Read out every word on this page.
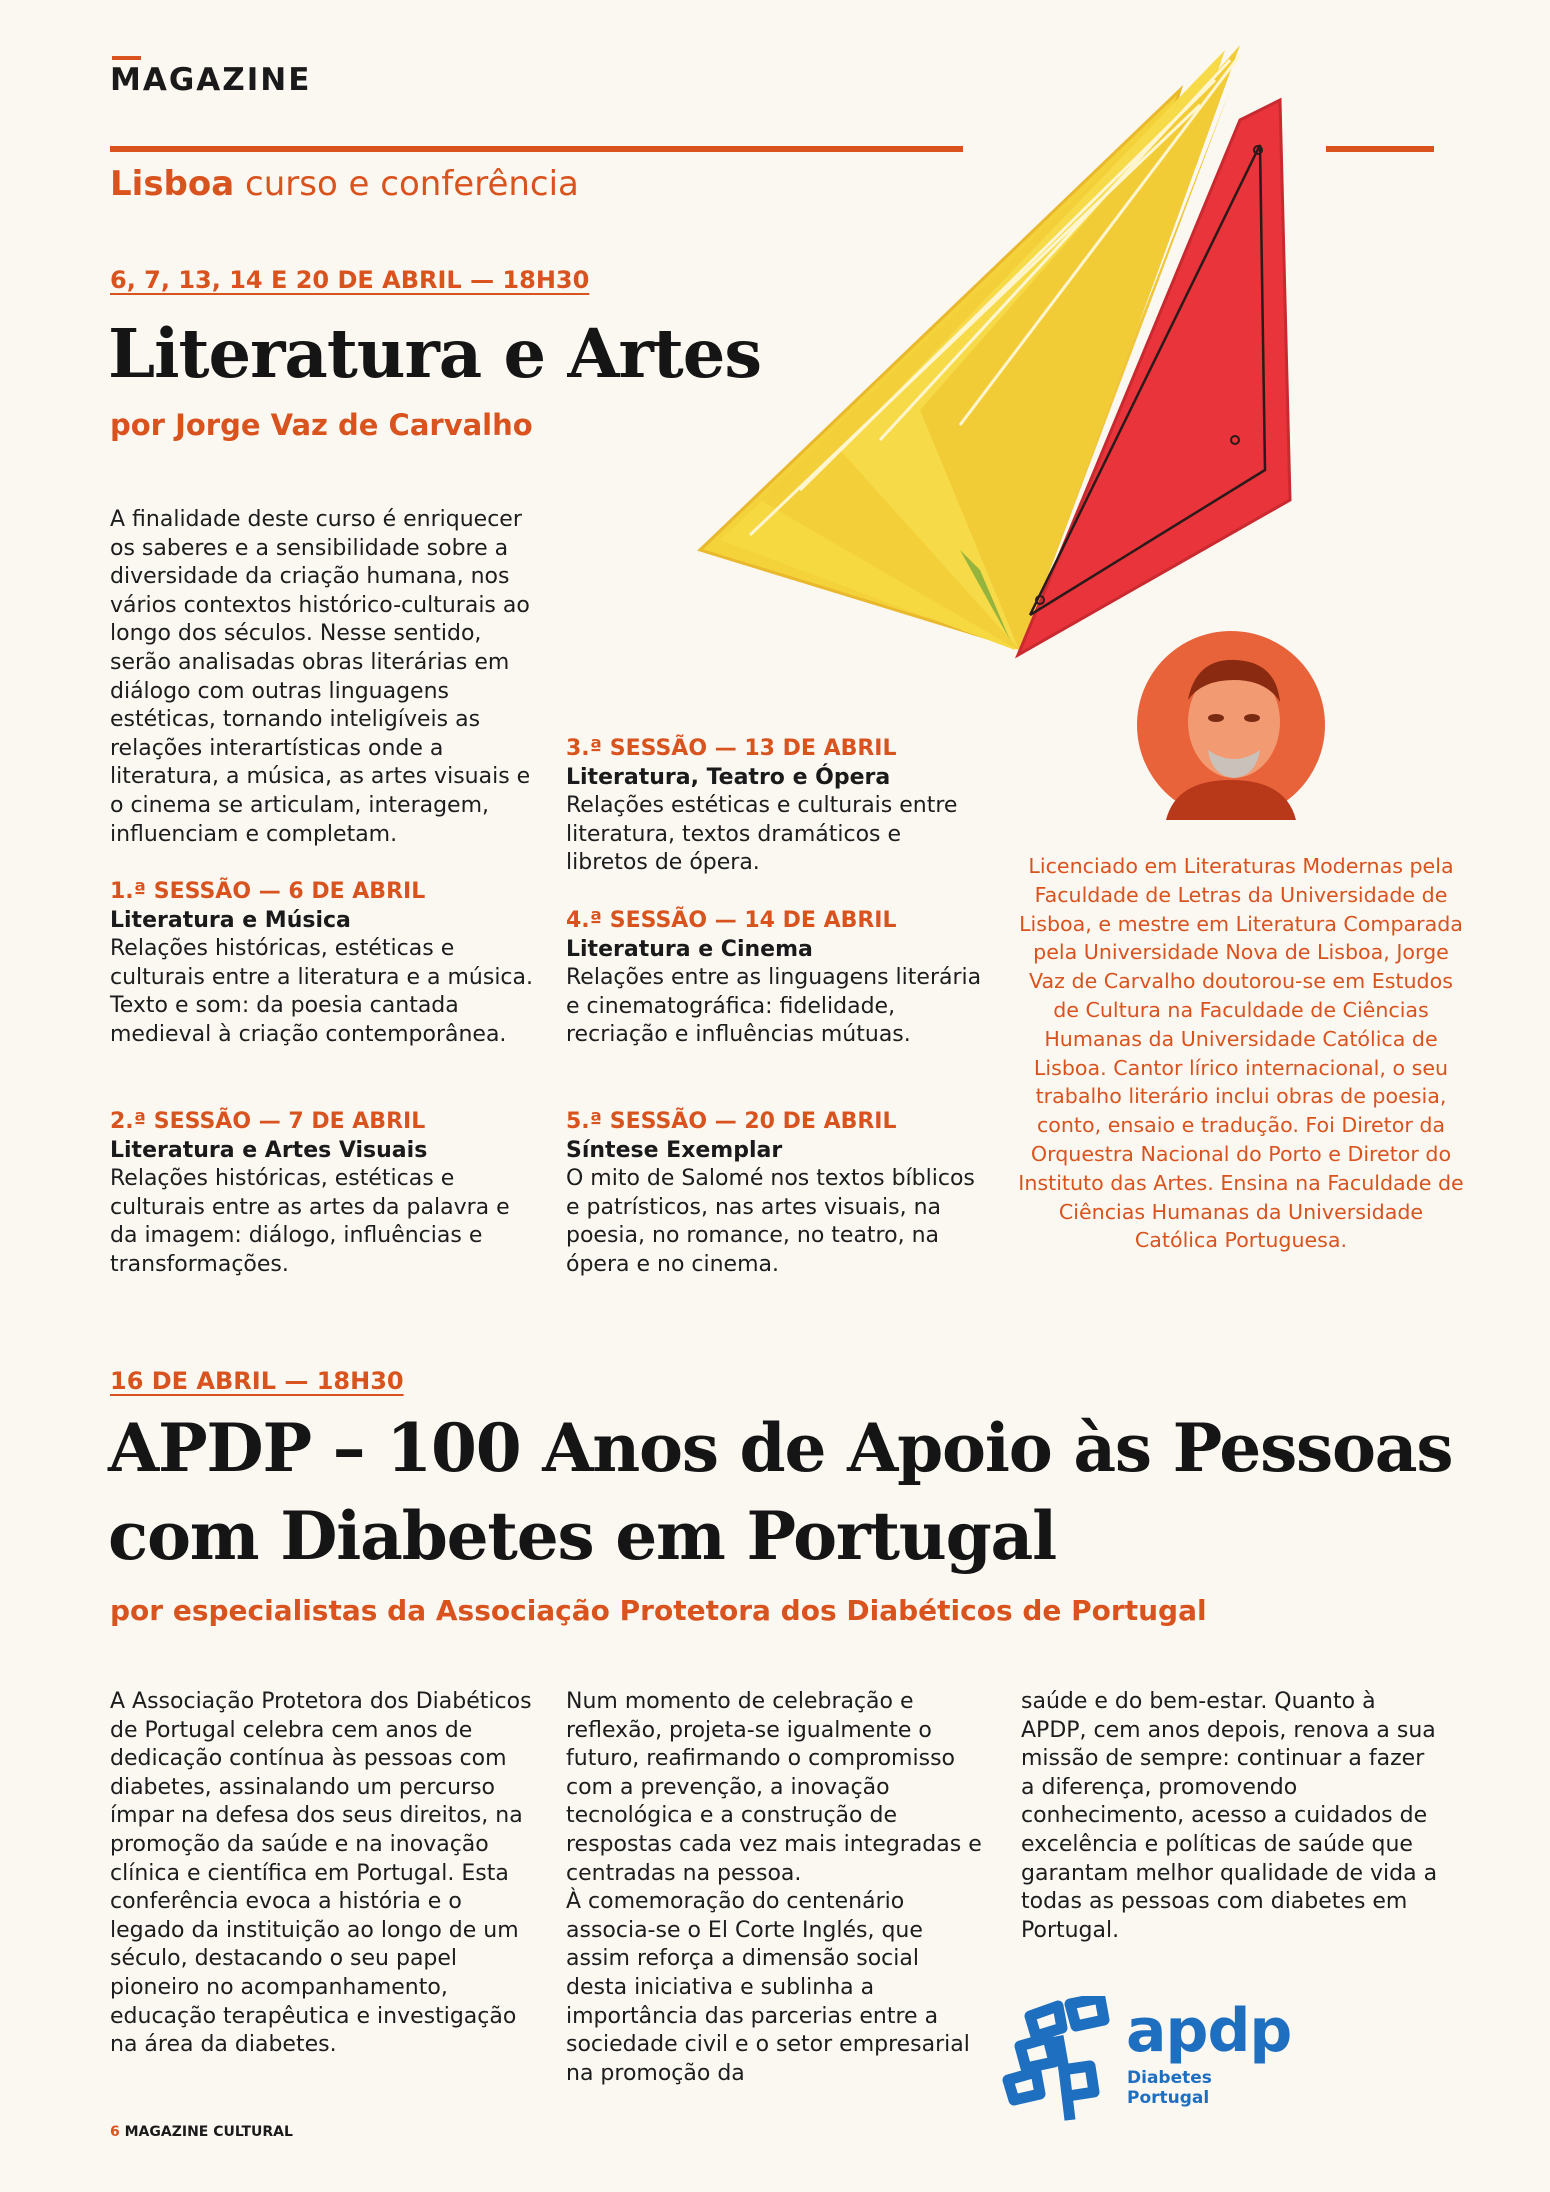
MAGAZINE
Lisboa curso e conferência
6, 7, 13, 14 E 20 DE ABRIL — 18H30
Literatura e Artes
por Jorge Vaz de Carvalho
A finalidade deste curso é enriquecer os saberes e a sensibilidade sobre a diversidade da criação humana, nos vários contextos histórico-culturais ao longo dos séculos. Nesse sentido, serão analisadas obras literárias em diálogo com outras linguagens estéticas, tornando inteligíveis as relações interartísticas onde a literatura, a música, as artes visuais e o cinema se articulam, interagem, influenciam e completam.
1.ª SESSÃO — 6 DE ABRIL
Literatura e Música

Relações históricas, estéticas e culturais entre a literatura e a música. Texto e som: da poesia cantada medieval à criação contemporânea.

2.ª SESSÃO — 7 DE ABRIL
Literatura e Artes Visuais

Relações históricas, estéticas e culturais entre as artes da palavra e da imagem: diálogo, influências e transformações.

3.ª SESSÃO — 13 DE ABRIL
Literatura, Teatro e Ópera

Relações estéticas e culturais entre literatura, textos dramáticos e libretos de ópera.

4.ª SESSÃO — 14 DE ABRIL
Literatura e Cinema

Relações entre as linguagens literária e cinematográfica: fidelidade, recriação e influências mútuas.

5.ª SESSÃO — 20 DE ABRIL
Síntese Exemplar

O mito de Salomé nos textos bíblicos e patrísticos, nas artes visuais, na poesia, no romance, no teatro, na ópera e no cinema.

Licenciado em Literaturas Modernas pela Faculdade de Letras da Universidade de Lisboa, e mestre em Literatura Comparada pela Universidade Nova de Lisboa, Jorge Vaz de Carvalho doutorou-se em Estudos de Cultura na Faculdade de Ciências Humanas da Universidade Católica de Lisboa. Cantor lírico internacional, o seu trabalho literário inclui obras de poesia, conto, ensaio e tradução. Foi Diretor da Orquestra Nacional do Porto e Diretor do Instituto das Artes. Ensina na Faculdade de Ciências Humanas da Universidade Católica Portuguesa.
16 DE ABRIL — 18H30
APDP – 100 Anos de Apoio às Pessoas
com Diabetes em Portugal
por especialistas da Associação Protetora dos Diabéticos de Portugal
A Associação Protetora dos Diabéticos de Portugal celebra cem anos de dedicação contínua às pessoas com diabetes, assinalando um percurso ímpar na defesa dos seus direitos, na promoção da saúde e na inovação clínica e científica em Portugal. Esta conferência evoca a história e o legado da instituição ao longo de um século, destacando o seu papel pioneiro no acompanhamento, educação terapêutica e investigação na área da diabetes.
Num momento de celebração e reflexão, projeta-se igualmente o futuro, reafirmando o compromisso com a prevenção, a inovação tecnológica e a construção de respostas cada vez mais integradas e centradas na pessoa.
À comemoração do centenário associa-se o El Corte Inglés, que assim reforça a dimensão social desta iniciativa e sublinha a importância das parcerias entre a sociedade civil e o setor empresarial na promoção da
saúde e do bem-estar. Quanto à APDP, cem anos depois, renova a sua missão de sempre: continuar a fazer a diferença, promovendo conhecimento, acesso a cuidados de excelência e políticas de saúde que garantam melhor qualidade de vida a todas as pessoas com diabetes em Portugal.
apdp
Diabetes Portugal
6 MAGAZINE CULTURAL
